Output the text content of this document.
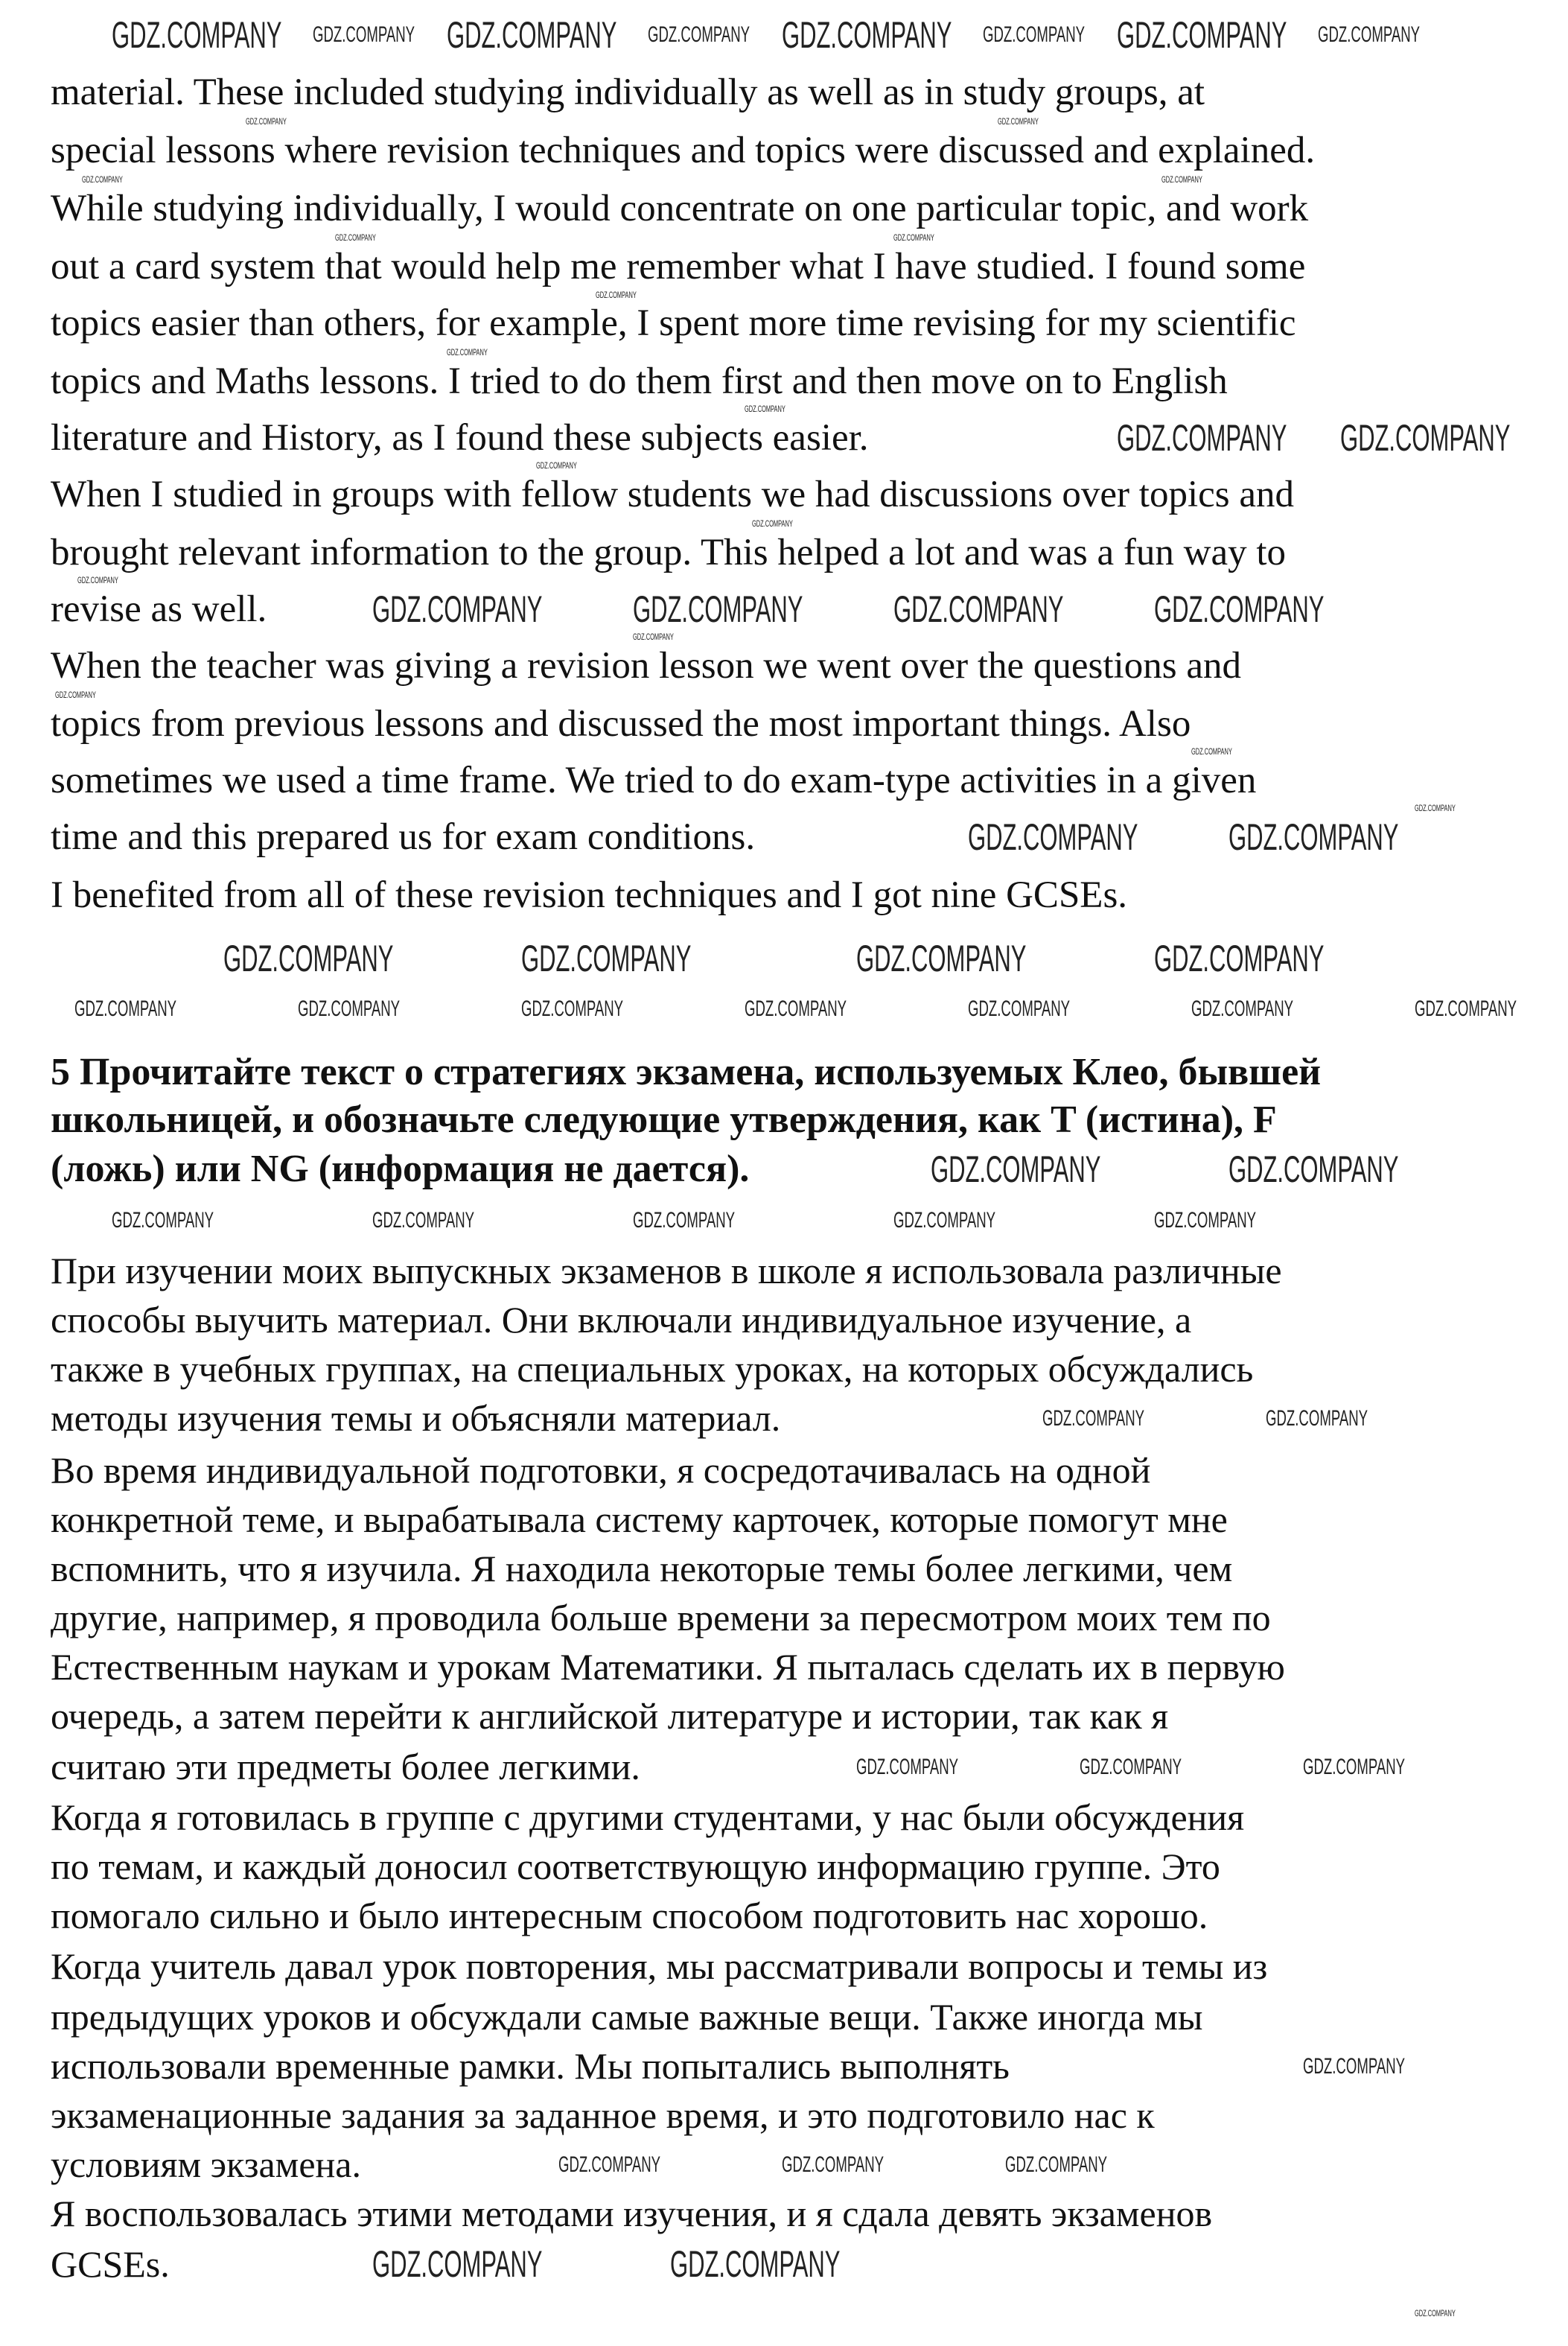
material. These included studying individually as well as in study groups, at
special lessons where revision techniques and topics were discussed and explained.
While studying individually, I would concentrate on one particular topic, and work
out a card system that would help me remember what I have studied. I found some
topics easier than others, for example, I spent more time revising for my scientific
topics and Maths lessons. I tried to do them first and then move on to English
literature and History, as I found these subjects easier.
When I studied in groups with fellow students we had discussions over topics and
brought relevant information to the group. This helped a lot and was a fun way to
revise as well.
When the teacher was giving a revision lesson we went over the questions and
topics from previous lessons and discussed the most important things. Also
sometimes we used a time frame. We tried to do exam-type activities in a given
time and this prepared us for exam conditions.
I benefited from all of these revision techniques and I got nine GCSEs.
5 Прочитайте текст о стратегиях экзамена, используемых Клео, бывшей
школьницей, и обозначьте следующие утверждения, как T (истина), F
(ложь) или NG (информация не дается).
При изучении моих выпускных экзаменов в школе я использовала различные
способы выучить материал. Они включали индивидуальное изучение, а
также в учебных группах, на специальных уроках, на которых обсуждались
методы изучения темы и объясняли материал.
Во время индивидуальной подготовки, я сосредотачивалась на одной
конкретной теме, и вырабатывала систему карточек, которые помогут мне
вспомнить, что я изучила. Я находила некоторые темы более легкими, чем
другие, например, я проводила больше времени за пересмотром моих тем по
Естественным наукам и урокам Математики. Я пыталась сделать их в первую
очередь, а затем перейти к английской литературе и истории, так как я
считаю эти предметы более легкими.
Когда я готовилась в группе с другими студентами, у нас были обсуждения
по темам, и каждый доносил соответствующую информацию группе. Это
помогало сильно и было интересным способом подготовить нас хорошо.
Когда учитель давал урок повторения, мы рассматривали вопросы и темы из
предыдущих уроков и обсуждали самые важные вещи. Также иногда мы
использовали временные рамки. Мы попытались выполнять
экзаменационные задания за заданное время, и это подготовило нас к
условиям экзамена.
Я воспользовалась этими методами изучения, и я сдала девять экзаменов
GCSEs.
GDZ.COMPANY	GDZ.COMPANY	GDZ.COMPANY	GDZ.COMPANY
GDZ.COMPANY GDZ.COMPANY
GDZ.COMPANY GDZ.COMPANY GDZ.COMPANY GDZ.COMPANY
GDZ.COMPANY GDZ.COMPANY
GDZ.COMPANY	GDZ.COMPANY	GDZ.COMPANY	GDZ.COMPANY
GDZ.COMPANY	GDZ.COMPANY
GDZ.COMPANY	GDZ.COMPANY
GDZ.COMPANY	GDZ.COMPANY	GDZ.COMPANY	GDZ.COMPANY
GDZ.COMPANY	GDZ.COMPANY	GDZ.COMPANY	GDZ.COMPANY	GDZ.COMPANY	GDZ.COMPANY	GDZ.COMPANY
GDZ.COMPANY	GDZ.COMPANY	GDZ.COMPANY	GDZ.COMPANY	GDZ.COMPANY
GDZ.COMPANY	GDZ.COMPANY
GDZ.COMPANY	GDZ.COMPANY	GDZ.COMPANY
GDZ.COMPANY
GDZ.COMPANY	GDZ.COMPANY	GDZ.COMPANY
GDZ.COMPANY	GDZ.COMPANY
GDZ.COMPANY	GDZ.COMPANY
GDZ.COMPANY	GDZ.COMPANY
GDZ.COMPANY
GDZ.COMPANY
GDZ.COMPANY
GDZ.COMPANY
GDZ.COMPANY
GDZ.COMPANY
GDZ.COMPANY
GDZ.COMPANY
GDZ.COMPANY
GDZ.COMPANY
GDZ.COMPANY
